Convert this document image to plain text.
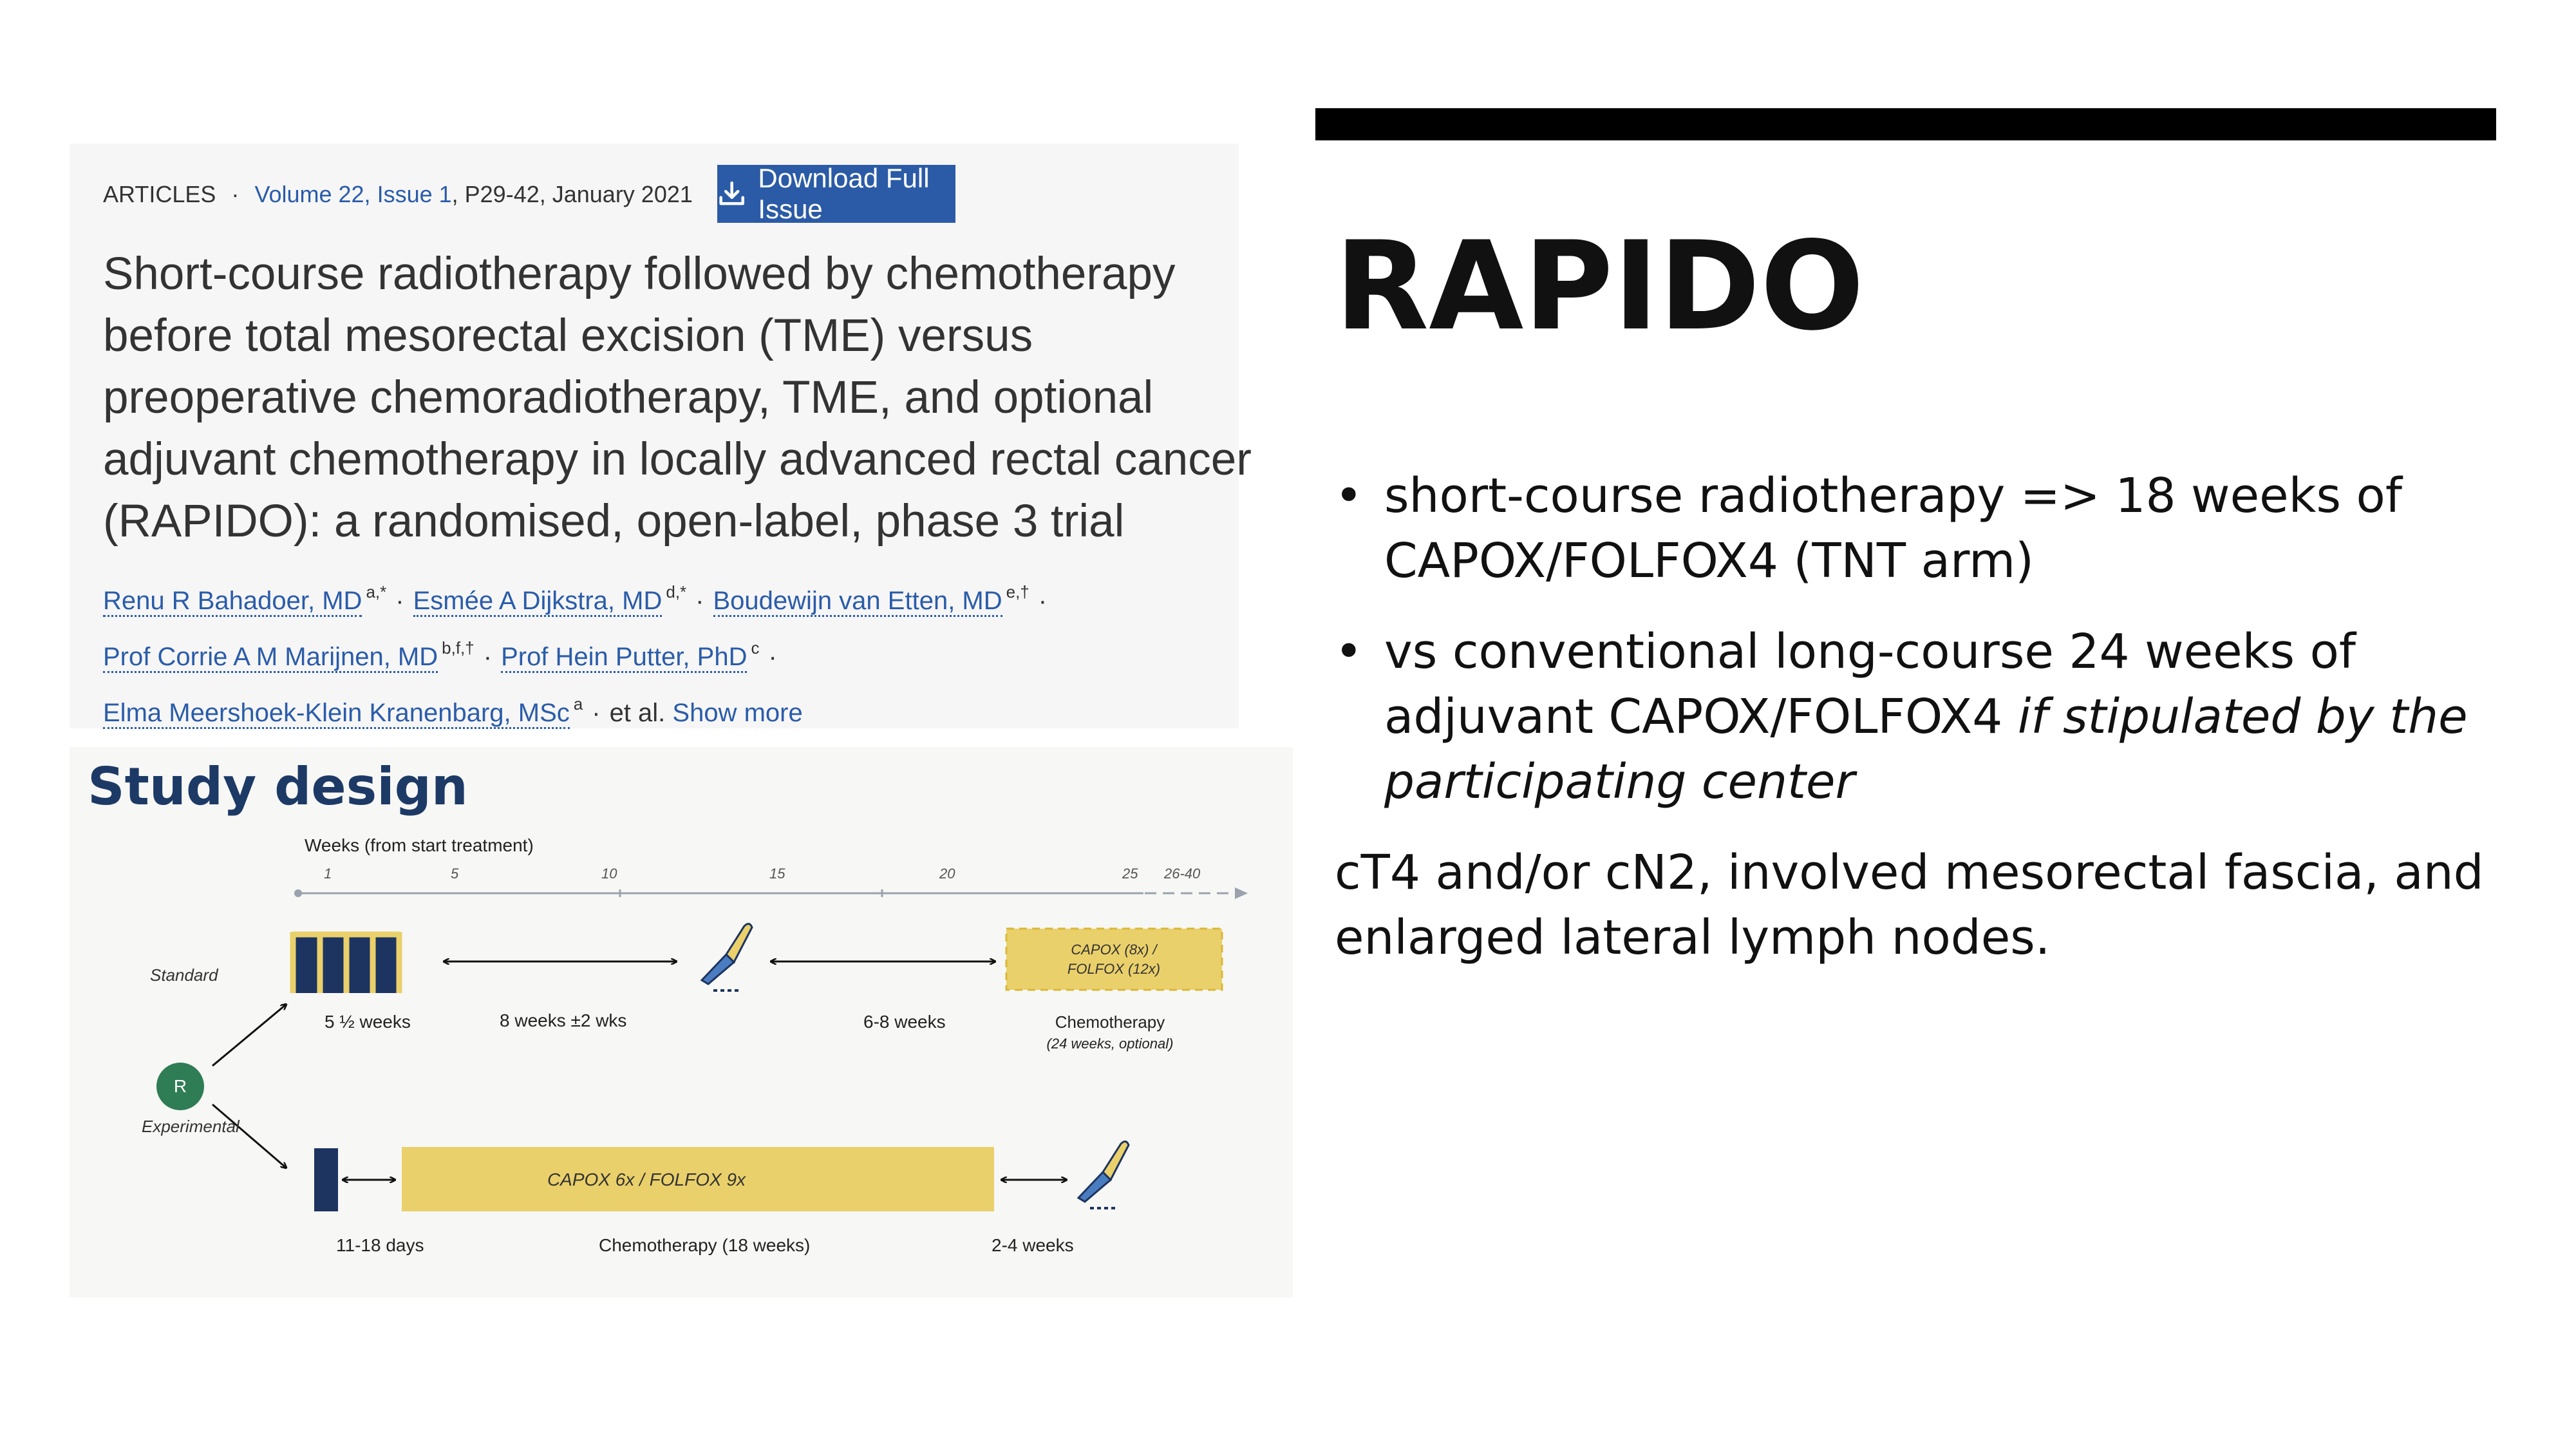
ARTICLES · Volume 22, Issue 1, P29-42, January 2021
Download Full Issue
Short-course radiotherapy followed by chemotherapy
before total mesorectal excision (TME) versus
preoperative chemoradiotherapy, TME, and optional
adjuvant chemotherapy in locally advanced rectal cancer
(RAPIDO): a randomised, open-label, phase 3 trial
Renu R Bahadoer, MD $^{a,*}$ · Esmée A Dijkstra, MD $^{d,*}$ · Boudewijn van Etten, MD $^{e,\dagger}$ ·
Prof Corrie A M Marijnen, MD $^{b,f,\dagger}$ · Prof Hein Putter, PhD $^c$ ·
Elma Meershoek-Klein Kranenbarg, MSc $^a$ · et al. Show more
Study design
Weeks (from start treatment)
1	5	10	15	20	25 26-40
Standard
CAPOX (8x) /
FOLFOX (12x)
5 ½ weeks	8 weeks ±2 wks	6-8 weeks	Chemotherapy
(24 weeks, optional)
R
Experimental
CAPOX 6x / FOLFOX 9x
11-18 days	Chemotherapy (18 weeks)	2-4 weeks
RAPIDO
• short-course radiotherapy => 18 weeks of
CAPOX/FOLFOX4 (TNT arm)
• vs conventional long-course 24 weeks of
adjuvant CAPOX/FOLFOX4 if stipulated by the
participating center
cT4 and/or cN2, involved mesorectal fascia, and
enlarged lateral lymph nodes.
